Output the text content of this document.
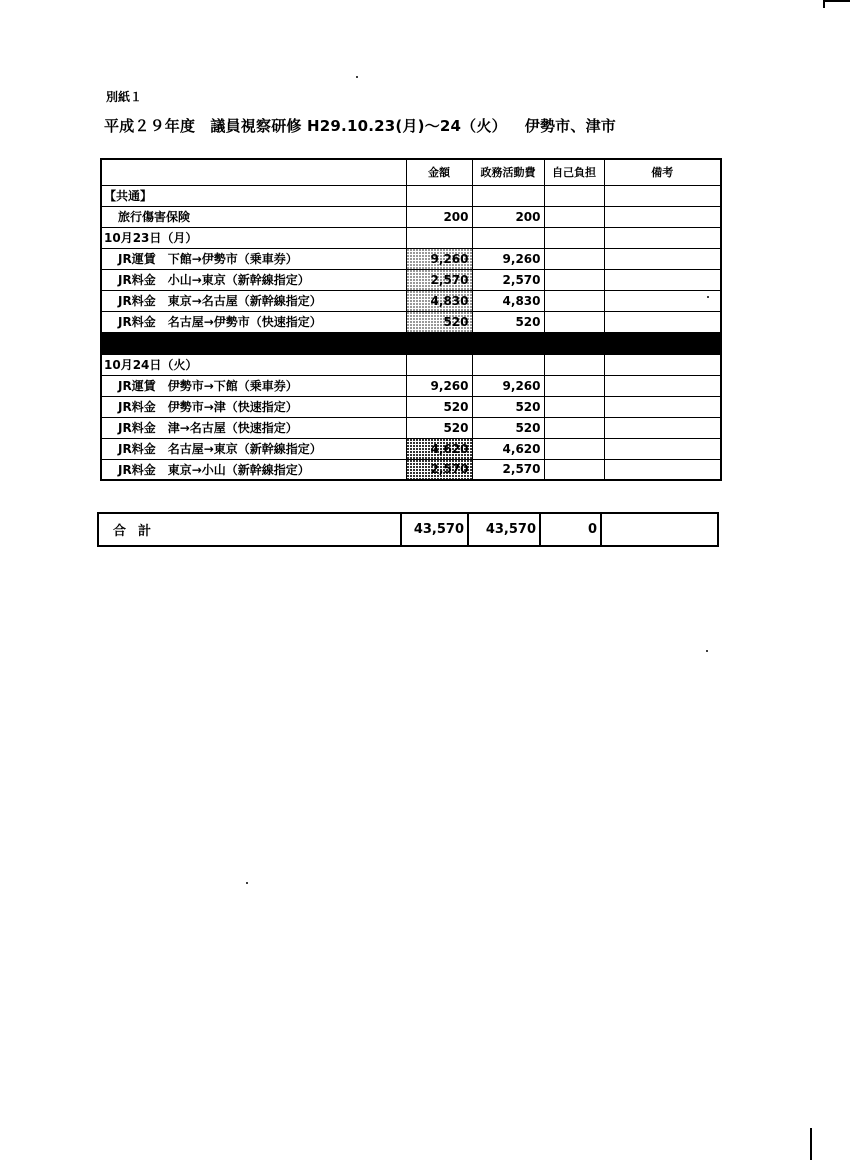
別紙１
平成２９年度　議員視察研修 H29.10.23(月)～24（火） 伊勢市、津市
	金額	政務活動費	自己負担	備考
【共通】				
旅行傷害保険	200	200		
10月23日（月）				
JR運賃　下館→伊勢市（乗車券）	9,260	9,260		
JR料金　小山→東京（新幹線指定）	2,570	2,570		
JR料金　東京→名古屋（新幹線指定）	4,830	4,830		
JR料金　名古屋→伊勢市（快速指定）	520	520		

10月24日（火）				
JR運賃　伊勢市→下館（乗車券）	9,260	9,260		
JR料金　伊勢市→津（快速指定）	520	520		
JR料金　津→名古屋（快速指定）	520	520		
JR料金　名古屋→東京（新幹線指定）	4,620	4,620		
JR料金　東京→小山（新幹線指定）	2,570	2,570		
合計	43,570	43,570	0	
